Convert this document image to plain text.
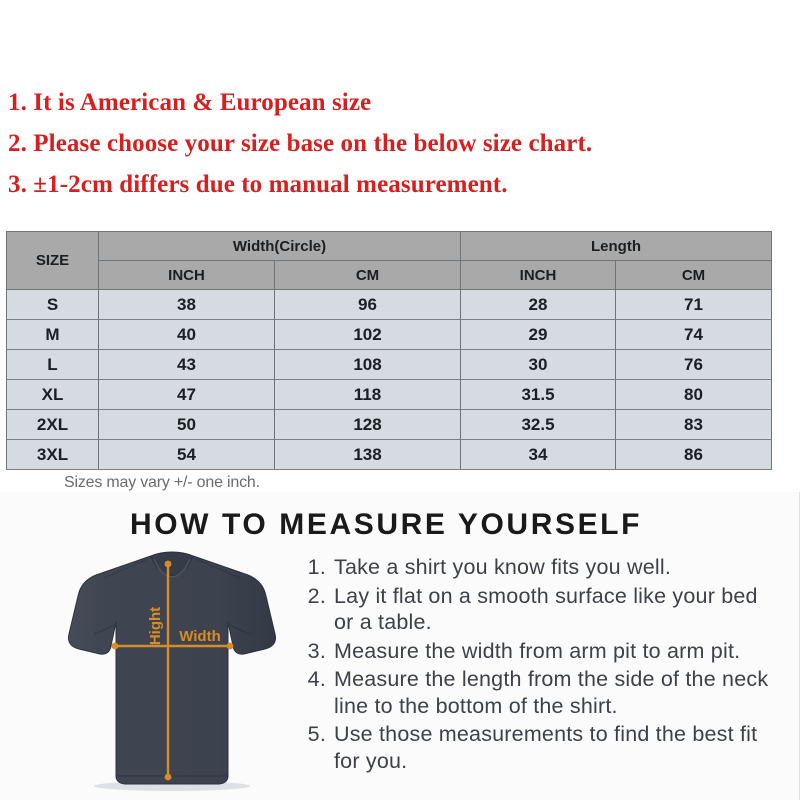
1. It is American & European size
2. Please choose your size base on the below size chart.
3. ±1-2cm differs due to manual measurement.
SIZE	Width(Circle)		Length	
	INCH	CM	INCH	CM
S	38	96	28	71
M	40	102	29	74
L	43	108	30	76
XL	47	118	31.5	80
2XL	50	128	32.5	83
3XL	54	138	34	86
Sizes may vary +/- one inch.
HOW TO MEASURE YOURSELF
Hight Width
1. Take a shirt you know fits you well.
2. Lay it flat on a smooth surface like your bed or a table.
3. Measure the width from arm pit to arm pit.
4. Measure the length from the side of the neck line to the bottom of the shirt.
5. Use those measurements to find the best fit for you.
